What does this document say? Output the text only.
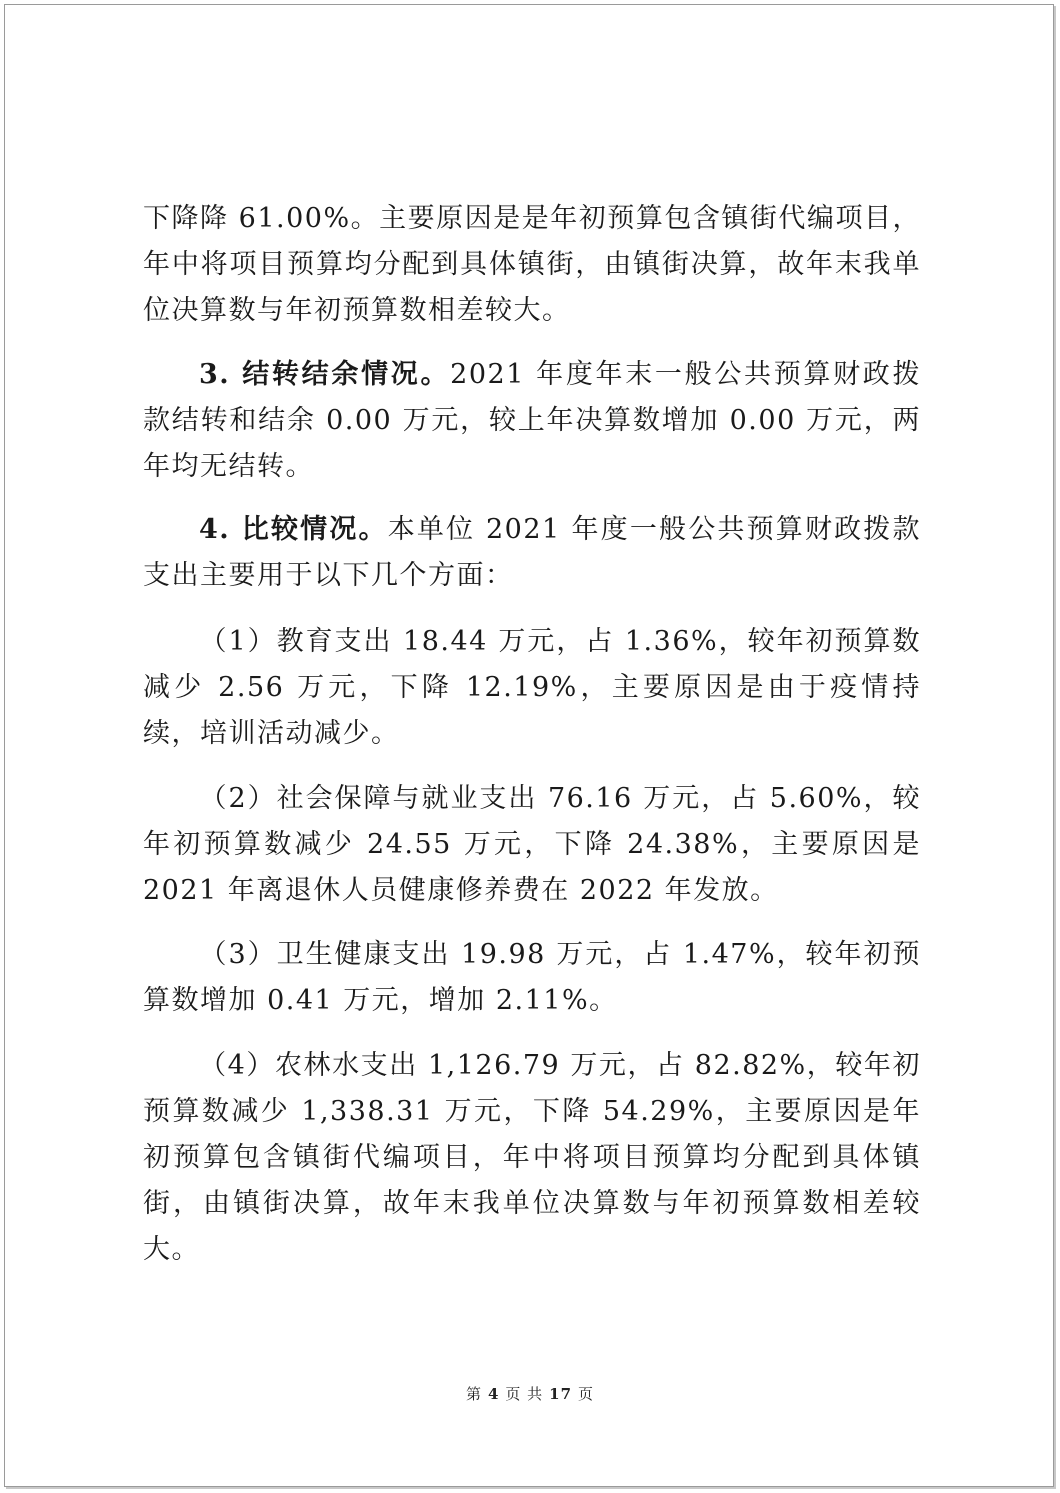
下降降 61.00%。主要原因是是年初预算包含镇街代编项目，年中将项目预算均分配到具体镇街，由镇街决算，故年末我单位决算数与年初预算数相差较大。

3. 结转结余情况。2021 年度年末一般公共预算财政拨款结转和结余 0.00 万元，较上年决算数增加 0.00 万元，两年均无结转。

4. 比较情况。本单位 2021 年度一般公共预算财政拨款支出主要用于以下几个方面：

（1）教育支出 18.44 万元，占 1.36%，较年初预算数减少 2.56 万元，下降 12.19%，主要原因是由于疫情持续，培训活动减少。

（2）社会保障与就业支出 76.16 万元，占 5.60%，较年初预算数减少 24.55 万元，下降 24.38%，主要原因是 2021 年离退休人员健康修养费在 2022 年发放。

（3）卫生健康支出 19.98 万元，占 1.47%，较年初预算数增加 0.41 万元，增加 2.11%。

（4）农林水支出 1,126.79 万元，占 82.82%，较年初预算数减少 1,338.31 万元，下降 54.29%，主要原因是年初预算包含镇街代编项目，年中将项目预算均分配到具体镇街，由镇街决算，故年末我单位决算数与年初预算数相差较大。

第 4 页 共 17 页
